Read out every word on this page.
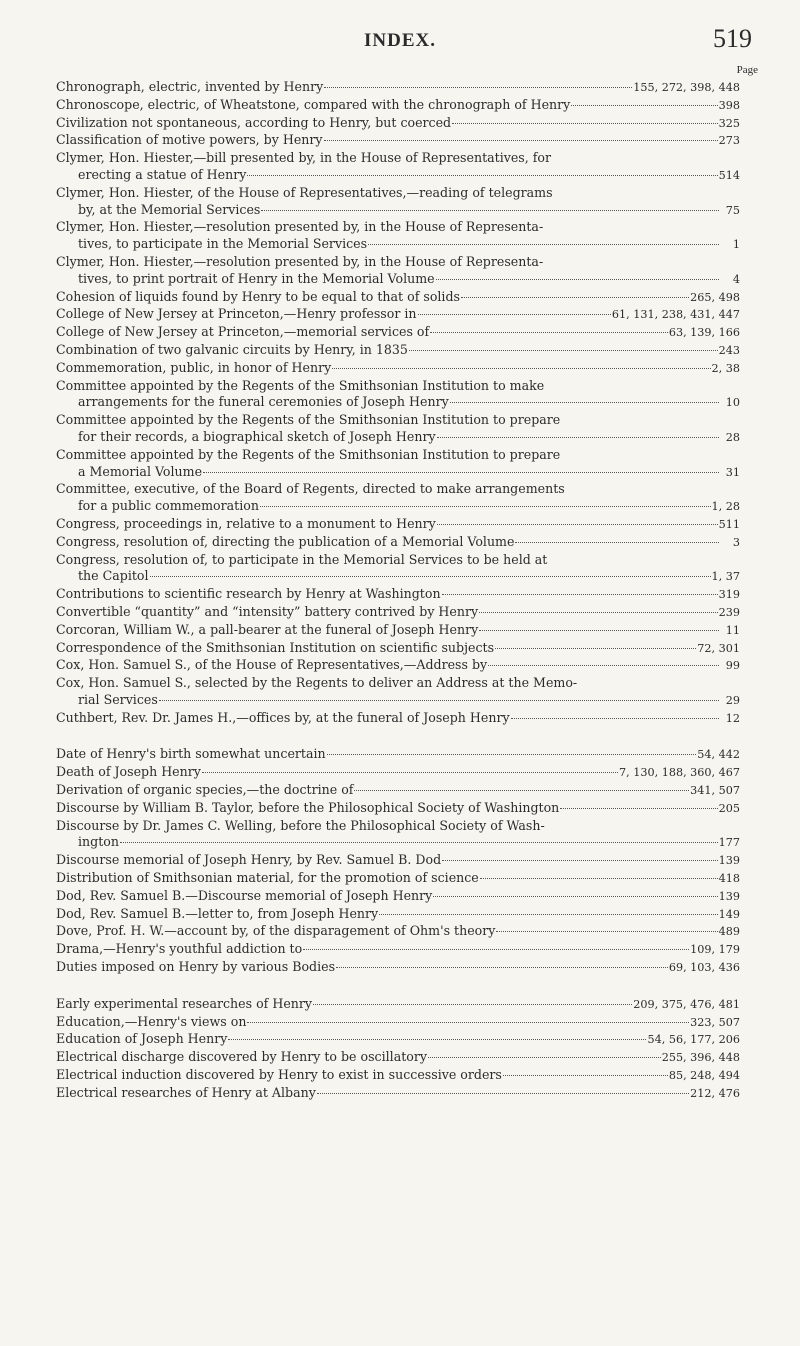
INDEX.	519
Page
Chronograph, electric, invented by Henry	155, 272, 398, 448
Chronoscope, electric, of Wheatstone, compared with the chronograph of Henry	398
Civilization not spontaneous, according to Henry, but coerced	325
Classification of motive powers, by Henry	273
Clymer, Hon. Hiester,—bill presented by, in the House of Representatives, for
erecting a statue of Henry	514
Clymer, Hon. Hiester, of the House of Representatives,—reading of telegrams
by, at the Memorial Services	75
Clymer, Hon. Hiester,—resolution presented by, in the House of Representa-
tives, to participate in the Memorial Services	1
Clymer, Hon. Hiester,—resolution presented by, in the House of Representa-
tives, to print portrait of Henry in the Memorial Volume	4
Cohesion of liquids found by Henry to be equal to that of solids	265, 498
College of New Jersey at Princeton,—Henry professor in	61, 131, 238, 431, 447
College of New Jersey at Princeton,—memorial services of	63, 139, 166
Combination of two galvanic circuits by Henry, in 1835	243
Commemoration, public, in honor of Henry	2, 38
Committee appointed by the Regents of the Smithsonian Institution to make
arrangements for the funeral ceremonies of Joseph Henry	10
Committee appointed by the Regents of the Smithsonian Institution to prepare
for their records, a biographical sketch of Joseph Henry	28
Committee appointed by the Regents of the Smithsonian Institution to prepare
a Memorial Volume	31
Committee, executive, of the Board of Regents, directed to make arrangements
for a public commemoration	1, 28
Congress, proceedings in, relative to a monument to Henry	511
Congress, resolution of, directing the publication of a Memorial Volume	3
Congress, resolution of, to participate in the Memorial Services to be held at
the Capitol	1, 37
Contributions to scientific research by Henry at Washington	319
Convertible “quantity” and “intensity” battery contrived by Henry	239
Corcoran, William W., a pall-bearer at the funeral of Joseph Henry	11
Correspondence of the Smithsonian Institution on scientific subjects	72, 301
Cox, Hon. Samuel S., of the House of Representatives,—Address by	99
Cox, Hon. Samuel S., selected by the Regents to deliver an Address at the Memo-
rial Services	29
Cuthbert, Rev. Dr. James H.,—offices by, at the funeral of Joseph Henry	12
Date of Henry's birth somewhat uncertain	54, 442
Death of Joseph Henry	7, 130, 188, 360, 467
Derivation of organic species,—the doctrine of	341, 507
Discourse by William B. Taylor, before the Philosophical Society of Washington	205
Discourse by Dr. James C. Welling, before the Philosophical Society of Wash-
ington	177
Discourse memorial of Joseph Henry, by Rev. Samuel B. Dod	139
Distribution of Smithsonian material, for the promotion of science	418
Dod, Rev. Samuel B.—Discourse memorial of Joseph Henry	139
Dod, Rev. Samuel B.—letter to, from Joseph Henry	149
Dove, Prof. H. W.—account by, of the disparagement of Ohm's theory	489
Drama,—Henry's youthful addiction to	109, 179
Duties imposed on Henry by various Bodies	69, 103, 436
Early experimental researches of Henry	209, 375, 476, 481
Education,—Henry's views on	323, 507
Education of Joseph Henry	54, 56, 177, 206
Electrical discharge discovered by Henry to be oscillatory	255, 396, 448
Electrical induction discovered by Henry to exist in successive orders	85, 248, 494
Electrical researches of Henry at Albany	212, 476
